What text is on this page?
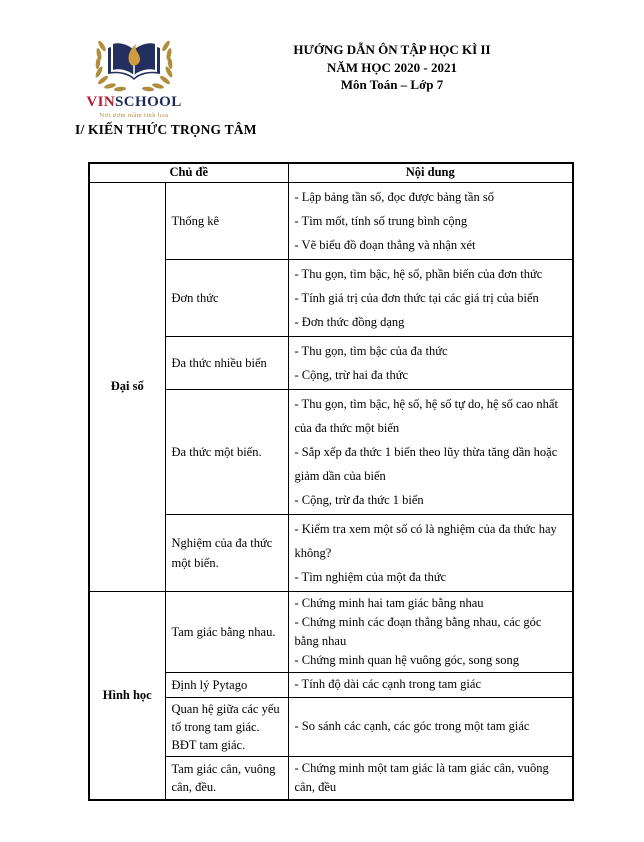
VINSCHOOL
Nơi ươm mầm tinh hoa
HƯỚNG DẪN ÔN TẬP HỌC KÌ II
NĂM HỌC 2020 - 2021
Môn Toán – Lớp 7
I/ KIẾN THỨC TRỌNG TÂM
Chủ đề		Nội dung
Đại số	Thống kê	- Lập bảng tần số, đọc được bảng tần số
- Tìm mốt, tính số trung bình cộng
- Vẽ biểu đồ đoạn thẳng và nhận xét

	Đơn thức	- Thu gọn, tìm bậc, hệ số, phần biến của đơn thức
- Tính giá trị của đơn thức tại các giá trị của biến
- Đơn thức đồng dạng

	Đa thức nhiều biến	- Thu gọn, tìm bậc của đa thức
- Cộng, trừ hai đa thức

	Đa thức một biến.	- Thu gọn, tìm bậc, hệ số, hệ số tự do, hệ số cao nhất của đa thức một biến
- Sắp xếp đa thức 1 biến theo lũy thừa tăng dần hoặc giảm dần của biến
- Cộng, trừ đa thức 1 biến

	Nghiệm của đa thức một biến.	- Kiểm tra xem một số có là nghiệm của đa thức hay không?
- Tìm nghiệm của một đa thức

Hình học	Tam giác bằng nhau.	- Chứng minh hai tam giác bằng nhau
- Chứng minh các đoạn thẳng bằng nhau, các góc bằng nhau
- Chứng minh quan hệ vuông góc, song song

	Định lý Pytago	- Tính độ dài các cạnh trong tam giác

	Quan hệ giữa các yếu tố trong tam giác. BĐT tam giác.	- So sánh các cạnh, các góc trong một tam giác

	Tam giác cân, vuông cân, đều.	- Chứng minh một tam giác là tam giác cân, vuông cân, đều
